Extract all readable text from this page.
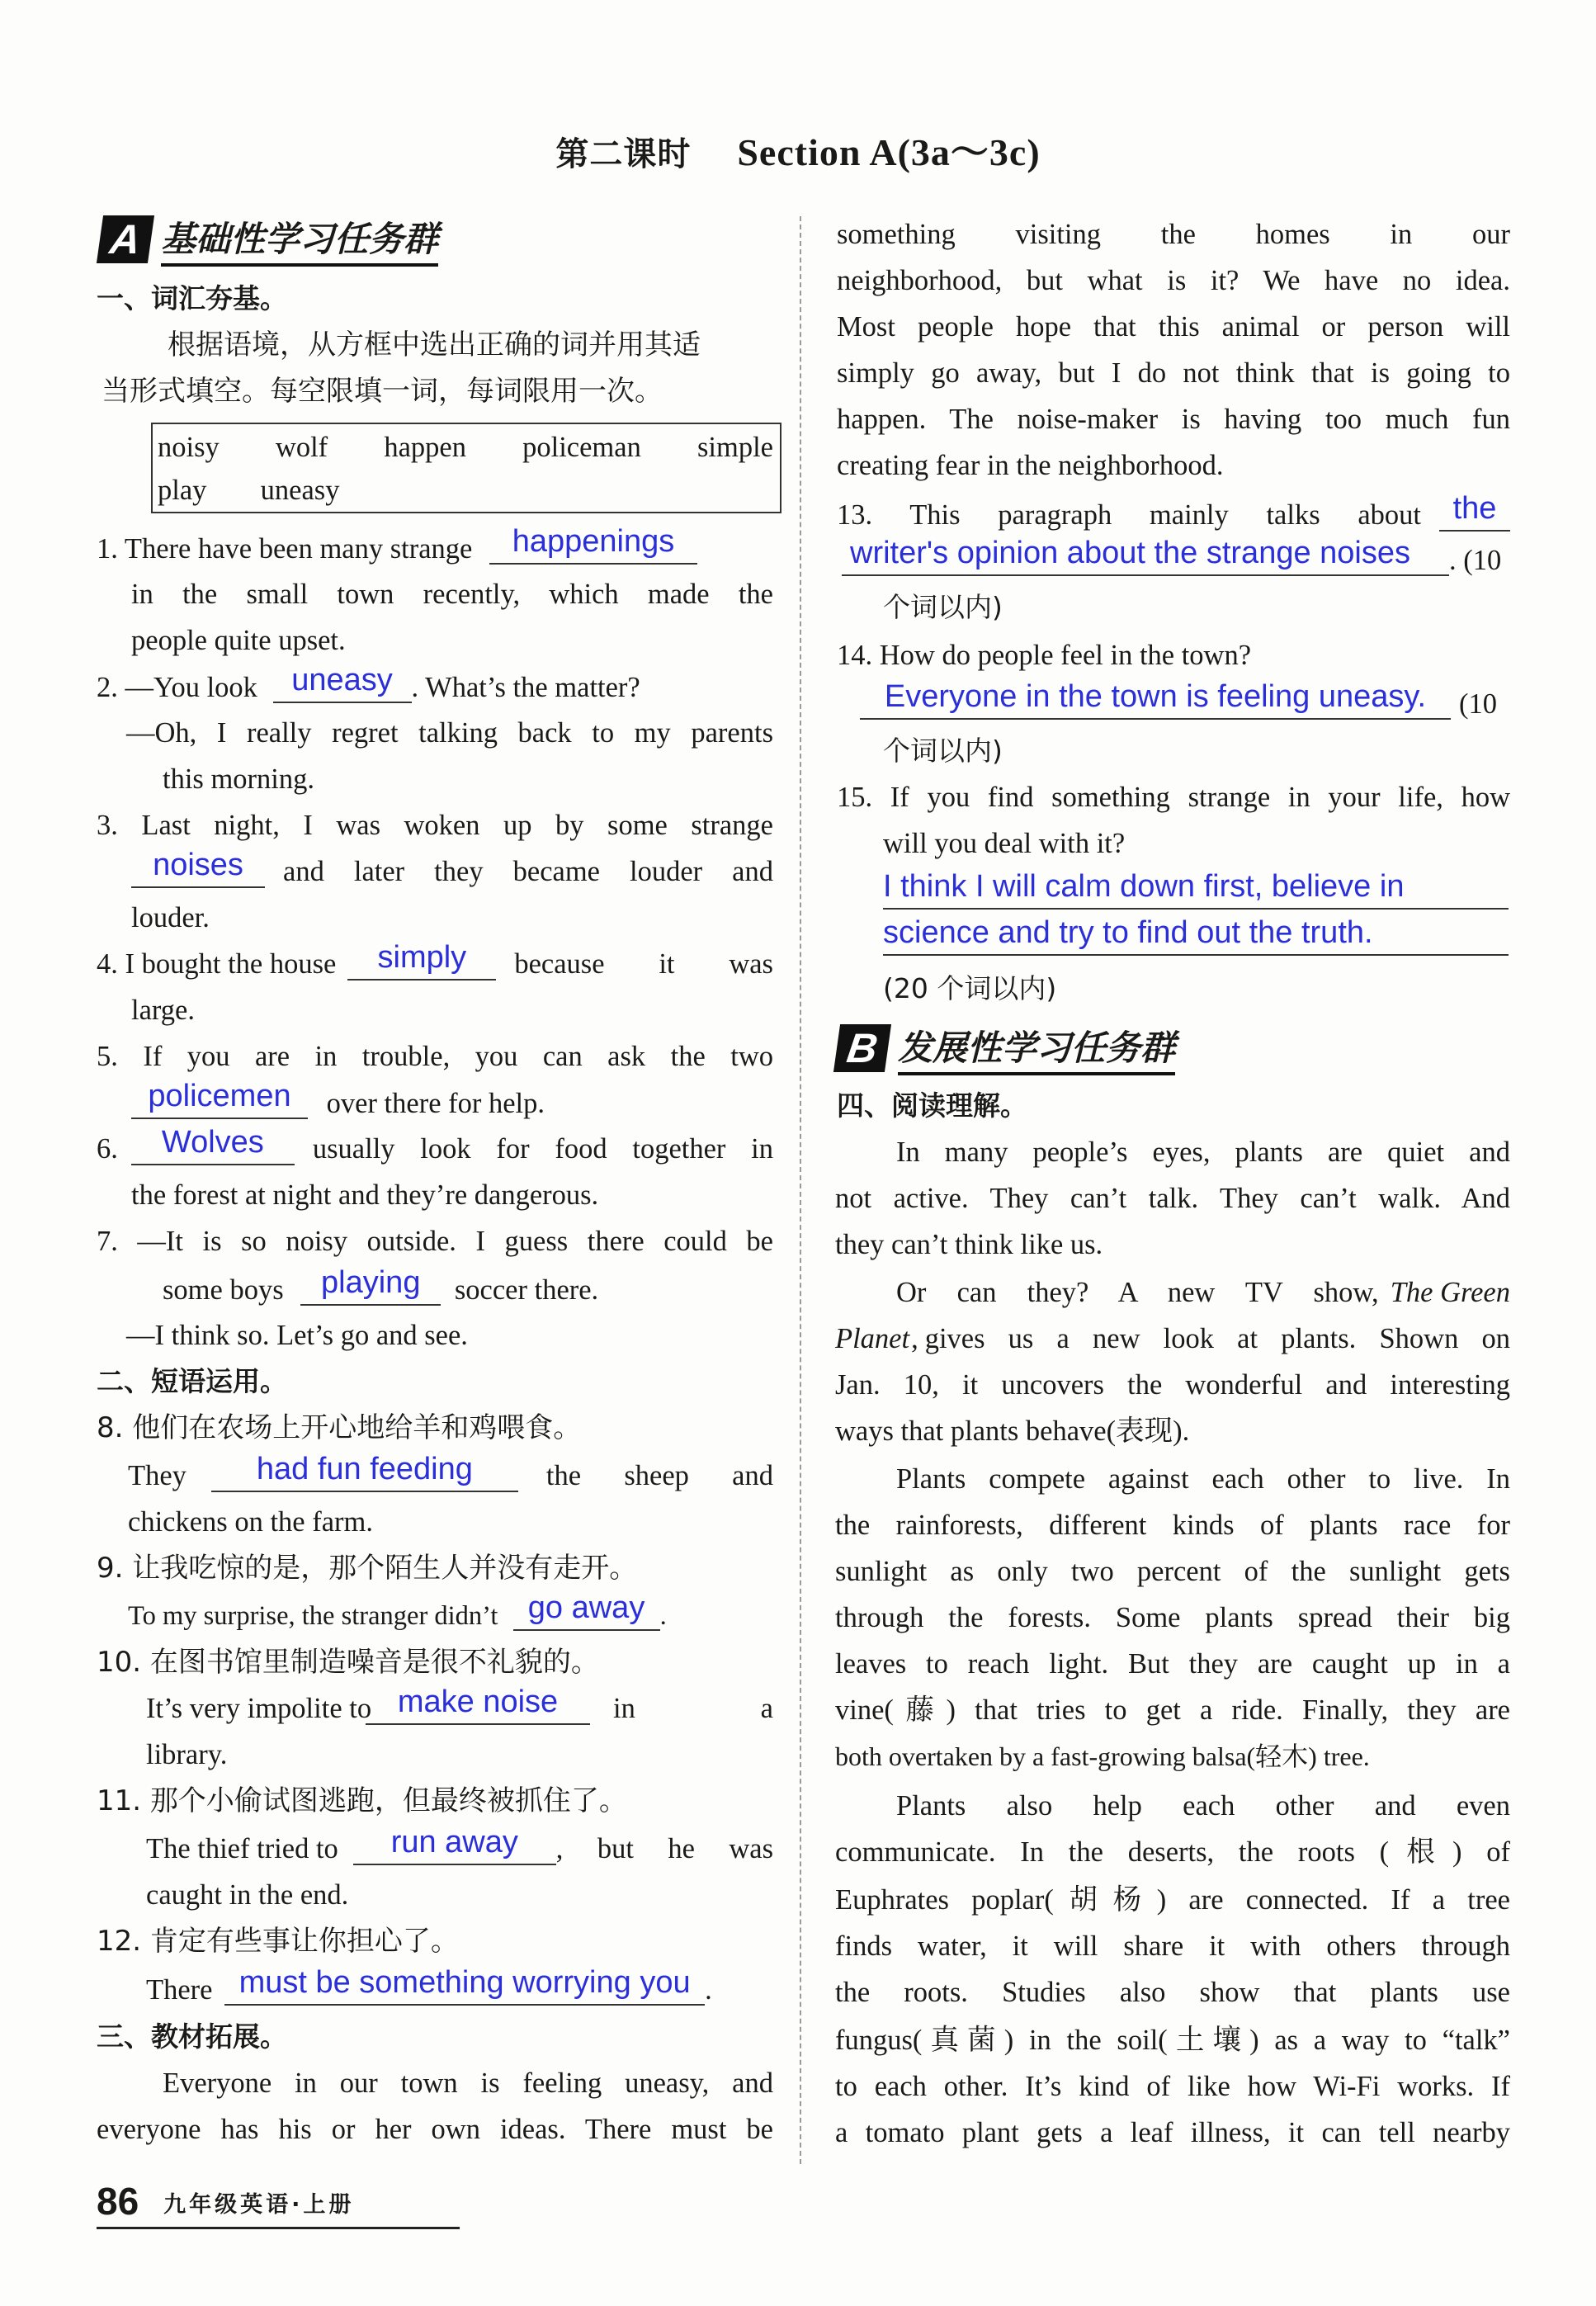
第二课时 Section A(3a～3c)
A 基础性学习任务群
一、词汇夯基。
根据语境，从方框中选出正确的词并用其适
当形式填空。每空限填一词，每词限用一次。
noisy wolf happen policeman simple
play uneasy
1. There have been many strange happenings
in the small town recently, which made the
people quite upset.
2. —You look uneasy . What’s the matter?
—Oh, I really regret talking back to my parents
this morning.
3. Last night, I was woken up by some strange
noises	and later they became louder and
louder.
4. I bought the house	simply	because it was
large.
5. If you are in trouble, you can ask the two
policemen over there for help.
6.	Wolves	usually look for food together in
the forest at night and they’re dangerous.
7. —It is so noisy outside. I guess there could be
some boys playing soccer there.
—I think so. Let’s go and see.
二、短语运用。
8. 他们在农场上开心地给羊和鸡喂食。
They	had fun feeding	the sheep and
chickens on the farm.
9. 让我吃惊的是，那个陌生人并没有走开。
To my surprise, the stranger didn’t go away .
10. 在图书馆里制造噪音是很不礼貌的。
It’s very impolite to make noise	in a
library.
11. 那个小偷试图逃跑，但最终被抓住了。
The thief tried to	run away	, but he was
caught in the end.
12. 肯定有些事让你担心了。
There must be something worrying you .
三、教材拓展。
Everyone in our town is feeling uneasy, and
everyone has his or her own ideas. There must be
something visiting the homes in our
neighborhood, but what is it? We have no idea.
Most people hope that this animal or person will
simply go away, but I do not think that is going to
happen. The noise-maker is having too much fun
creating fear in the neighborhood.
13. This paragraph mainly talks about	the
writer's opinion about the strange noises . (10
个词以内)
14. How do people feel in the town?
Everyone in the town is feeling uneasy. (10
个词以内)
15. If you find something strange in your life, how
will you deal with it?
I think I will calm down first, believe in
science and try to find out the truth.
(20 个词以内)
B 发展性学习任务群
四、阅读理解。
In many people’s eyes, plants are quiet and
not active. They can’t talk. They can’t walk. And
they can’t think like us.
Or can they? A new TV show, The Green
Planet , gives us a new look at plants. Shown on
Jan. 10, it uncovers the wonderful and interesting
ways that plants behave(表现).
Plants compete against each other to live. In
the rainforests, different kinds of plants race for
sunlight as only two percent of the sunlight gets
through the forests. Some plants spread their big
leaves to reach light. But they are caught up in a
vine(藤) that tries to get a ride. Finally, they are
both overtaken by a fast-growing balsa(轻木) tree.
Plants also help each other and even
communicate. In the deserts, the roots (根) of
Euphrates poplar(胡杨) are connected. If a tree
finds water, it will share it with others through
the roots. Studies also show that plants use
fungus(真菌) in the soil(土壤) as a way to “talk”
to each other. It’s kind of like how Wi-Fi works. If
a tomato plant gets a leaf illness, it can tell nearby
86 九年级英语·上册
